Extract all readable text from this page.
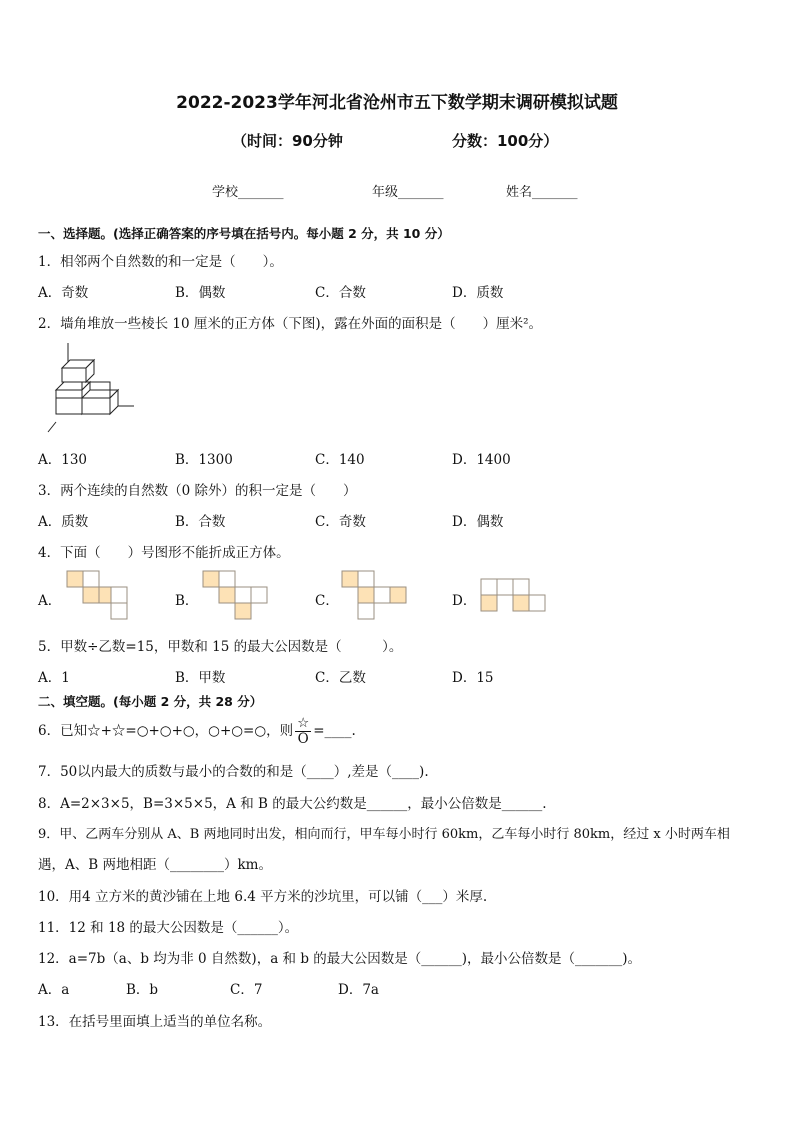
2022-2023学年河北省沧州市五下数学期末调研模拟试题
（时间：90分钟	分数：100分）
学校_______	年级_______	姓名_______
一、选择题。(选择正确答案的序号填在括号内。每小题 2 分，共 10 分）
1．相邻两个自然数的和一定是（　　）。
A．奇数	B．偶数	C．合数	D．质数
2．墙角堆放一些棱长 10 厘米的正方体（下图)，露在外面的面积是（　　）厘米²。
A．130	B．1300	C．140	D．1400
3．两个连续的自然数（0 除外）的积一定是（　　）
A．质数	B．合数	C．奇数	D．偶数
4．下面（　　）号图形不能折成正方体。
A．	B．	C．	D．
5．甲数÷乙数=15，甲数和 15 的最大公因数是（　　　）。
A．1	B．甲数	C．乙数	D．15
二、填空题。(每小题 2 分，共 28 分）
6．已知☆+☆=○+○+○，○+○=○，则 $\frac{☆}{O}$ =____.
7．50以内最大的质数与最小的合数的和是（____）,差是（____).
8．A=2×3×5，B=3×5×5，A 和 B 的最大公约数是______，最小公倍数是______.
9．甲、乙两车分别从 A、B 两地同时出发，相向而行，甲车每小时行 60km，乙车每小时行 80km，经过 x 小时两车相
遇，A、B 两地相距（________）km。
10．用4 立方米的黄沙铺在上地 6.4 平方米的沙坑里，可以铺（___）米厚.
11．12 和 18 的最大公因数是（______）。
12．a=7b（a、b 均为非 0 自然数)，a 和 b 的最大公因数是（______)，最小公倍数是（_______)。
A．a	B．b	C．7	D．7a
13．在括号里面填上适当的单位名称。
